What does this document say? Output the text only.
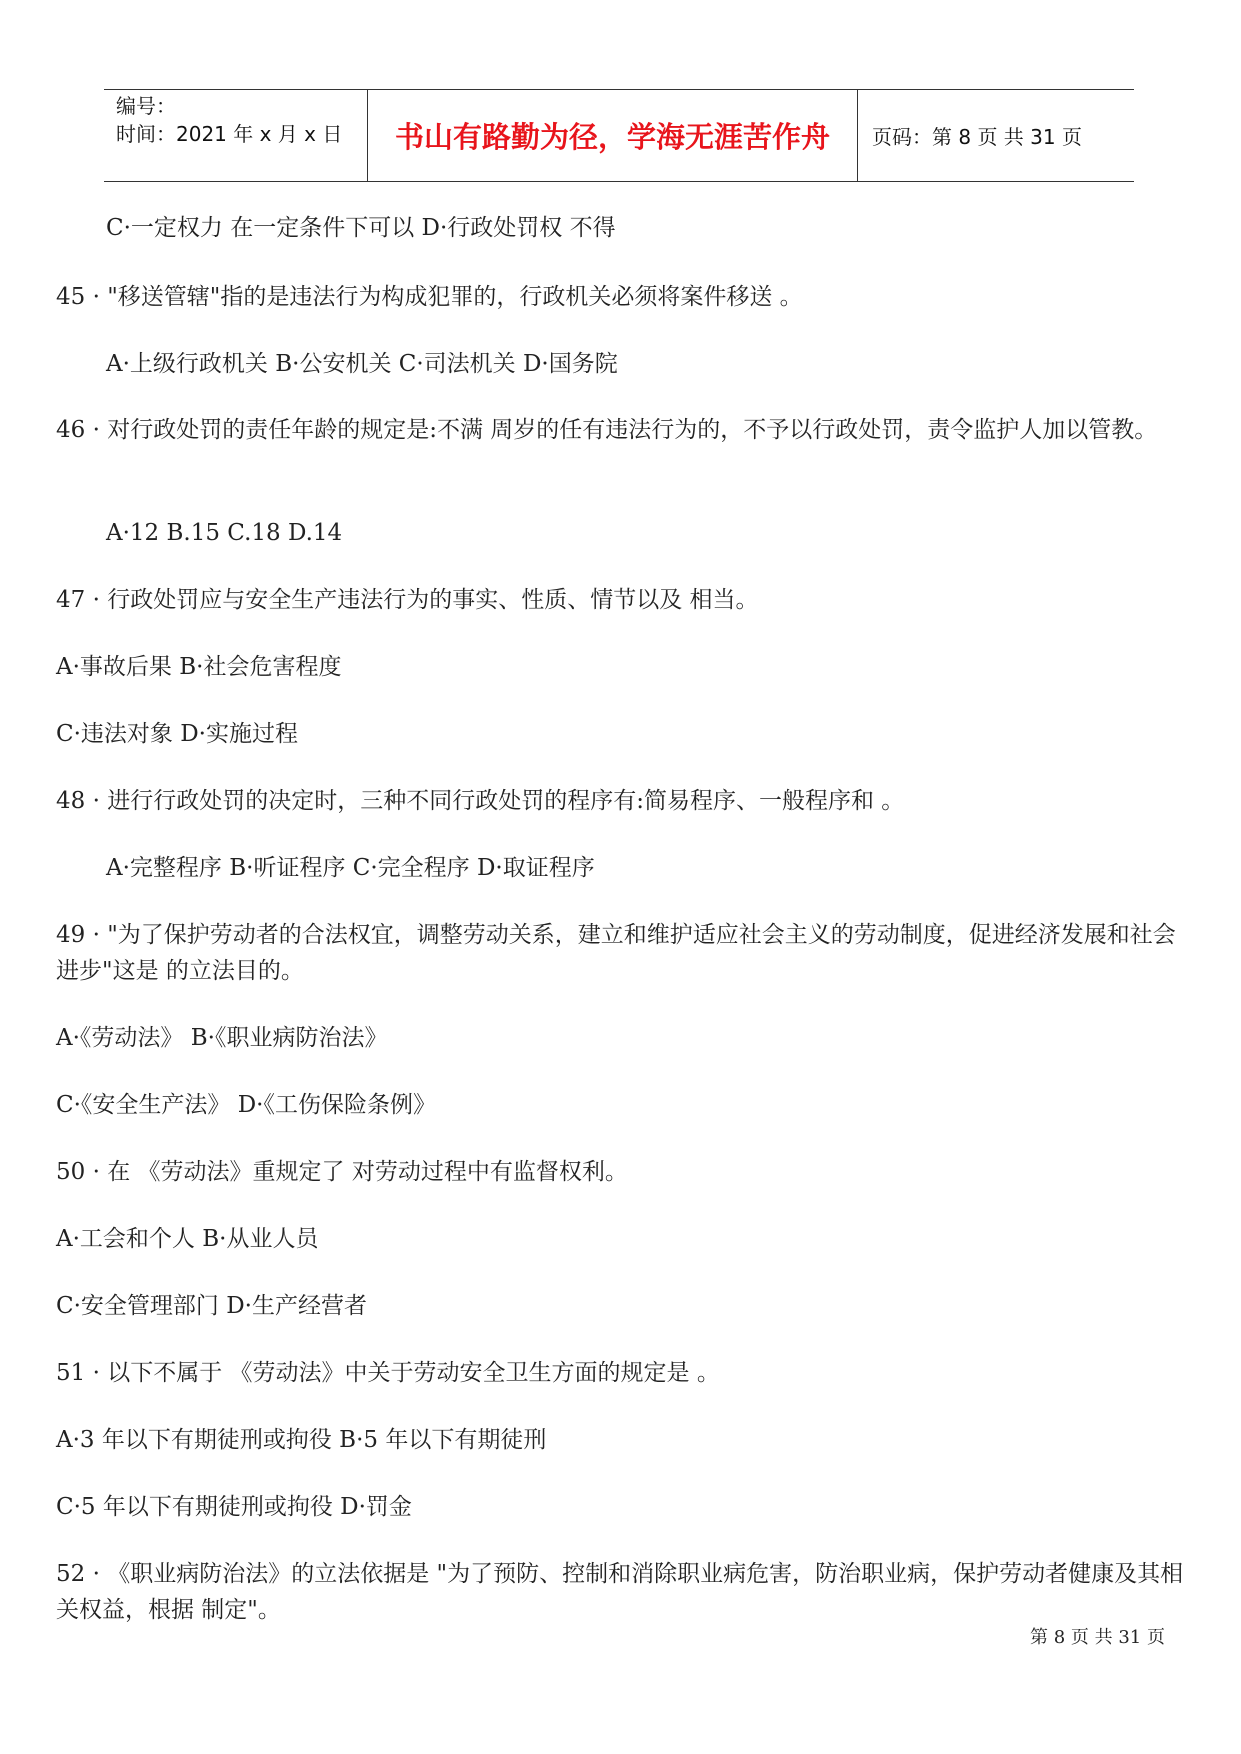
编号：
时间：2021 年 x 月 x 日	书山有路勤为径，学海无涯苦作舟	页码：第 8 页 共 31 页
C·一定权力 在一定条件下可以 D·行政处罚权 不得
45 · "移送管辖"指的是违法行为构成犯罪的，行政机关必须将案件移送 。
A·上级行政机关 B·公安机关 C·司法机关 D·国务院
46 · 对行政处罚的责任年龄的规定是:不满 周岁的任有违法行为的，不予以行政处罚，责令监护人加以管教。
A·12 B.15 C.18 D.14
47 · 行政处罚应与安全生产违法行为的事实、性质、情节以及 相当。
A·事故后果 B·社会危害程度
C·违法对象 D·实施过程
48 · 进行行政处罚的决定时，三种不同行政处罚的程序有:简易程序、一般程序和 。
A·完整程序 B·听证程序 C·完全程序 D·取证程序
49 · "为了保护劳动者的合法权宜，调整劳动关系，建立和维护适应社会主义的劳动制度，促进经济发展和社会进步"这是 的立法目的。
A·《劳动法》 B·《职业病防治法》
C·《安全生产法》 D·《工伤保险条例》
50 · 在 《劳动法》重规定了 对劳动过程中有监督权利。
A·工会和个人 B·从业人员
C·安全管理部门 D·生产经营者
51 · 以下不属于 《劳动法》中关于劳动安全卫生方面的规定是 。
A·3 年以下有期徒刑或拘役 B·5 年以下有期徒刑
C·5 年以下有期徒刑或拘役 D·罚金
52 · 《职业病防治法》的立法依据是 "为了预防、控制和消除职业病危害，防治职业病，保护劳动者健康及其相关权益，根据 制定"。
第 8 页 共 31 页
